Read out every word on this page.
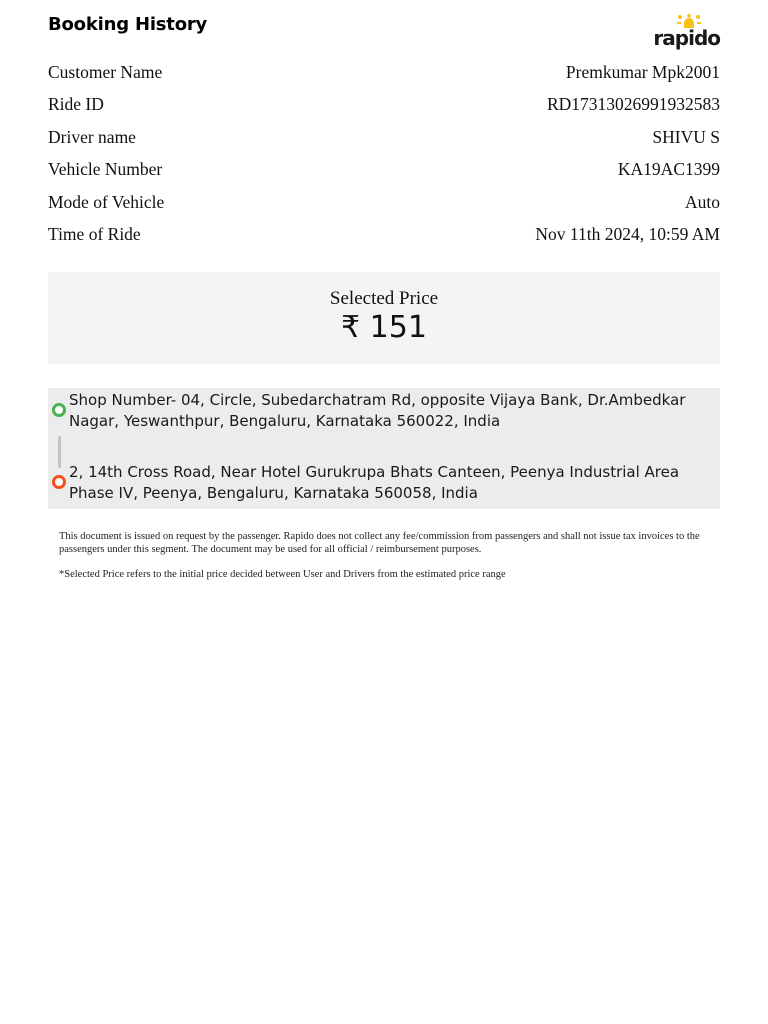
Booking History
rapido
Customer Name	Premkumar Mpk2001
Ride ID	RD17313026991932583
Driver name	SHIVU S
Vehicle Number	KA19AC1399
Mode of Vehicle	Auto
Time of Ride	Nov 11th 2024, 10:59 AM
Selected Price
₹ 151
Shop Number- 04, Circle, Subedarchatram Rd, opposite Vijaya Bank, Dr.Ambedkar Nagar, Yeswanthpur, Bengaluru, Karnataka 560022, India
2, 14th Cross Road, Near Hotel Gurukrupa Bhats Canteen, Peenya Industrial Area Phase IV, Peenya, Bengaluru, Karnataka 560058, India
This document is issued on request by the passenger. Rapido does not collect any fee/commission from passengers and shall not issue tax invoices to the passengers under this segment. The document may be used for all official / reimbursement purposes.
*Selected Price refers to the initial price decided between User and Drivers from the estimated price range
